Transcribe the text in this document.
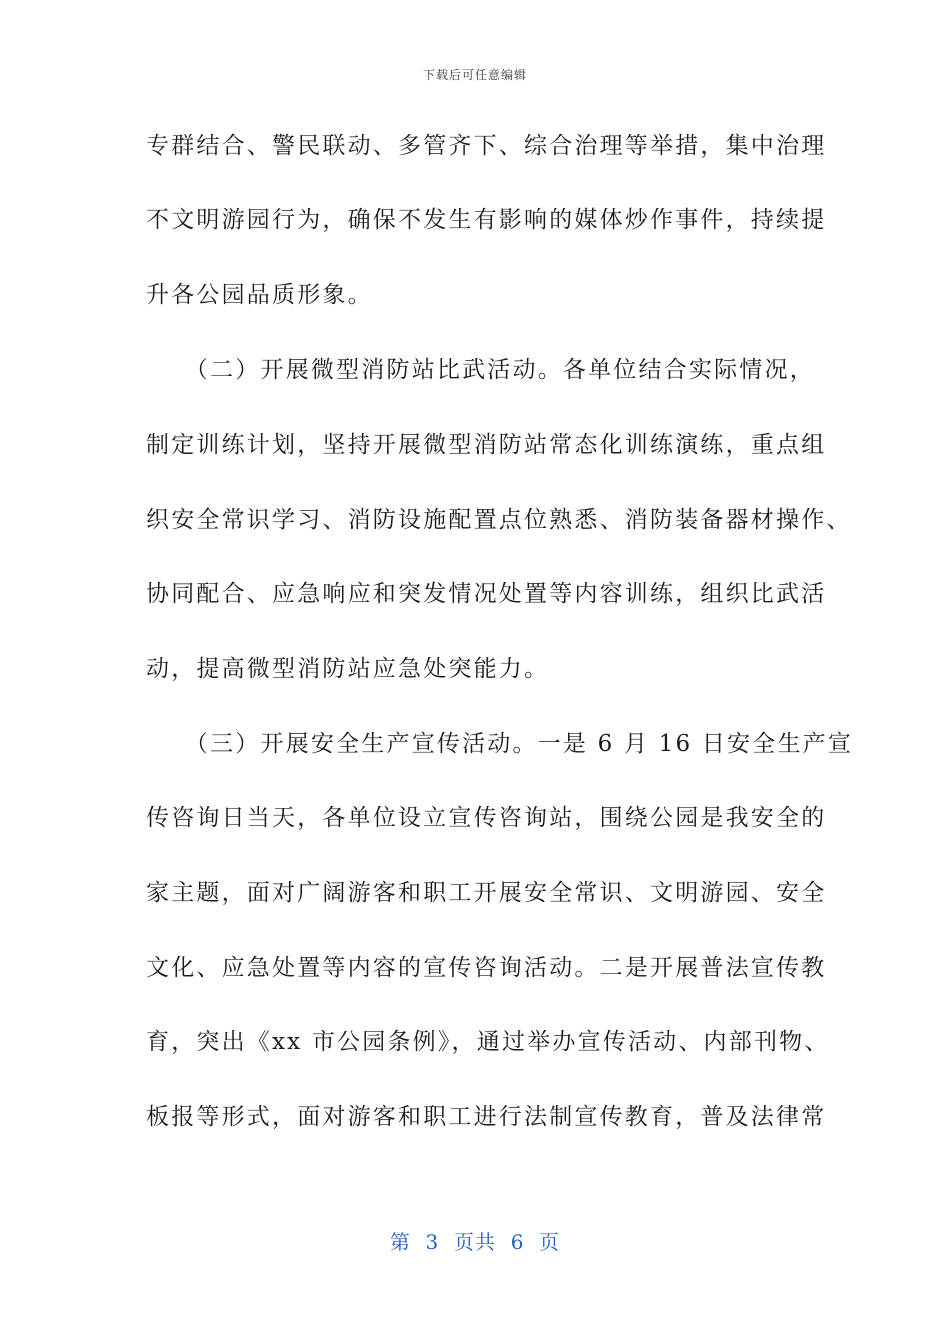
下载后可任意编辑
专群结合、警民联动、多管齐下、综合治理等举措，集中治理
不文明游园行为，确保不发生有影响的媒体炒作事件，持续提
升各公园品质形象。
　　（二）开展微型消防站比武活动。各单位结合实际情况，
制定训练计划，坚持开展微型消防站常态化训练演练，重点组
织安全常识学习、消防设施配置点位熟悉、消防装备器材操作、
协同配合、应急响应和突发情况处置等内容训练，组织比武活
动，提高微型消防站应急处突能力。
　　（三）开展安全生产宣传活动。一是 6 月 16 日安全生产宣
传咨询日当天，各单位设立宣传咨询站，围绕公园是我安全的
家主题，面对广阔游客和职工开展安全常识、文明游园、安全
文化、应急处置等内容的宣传咨询活动。二是开展普法宣传教
育，突出《xx 市公园条例》，通过举办宣传活动、内部刊物、
板报等形式，面对游客和职工进行法制宣传教育，普及法律常
第  3  页共  6  页
